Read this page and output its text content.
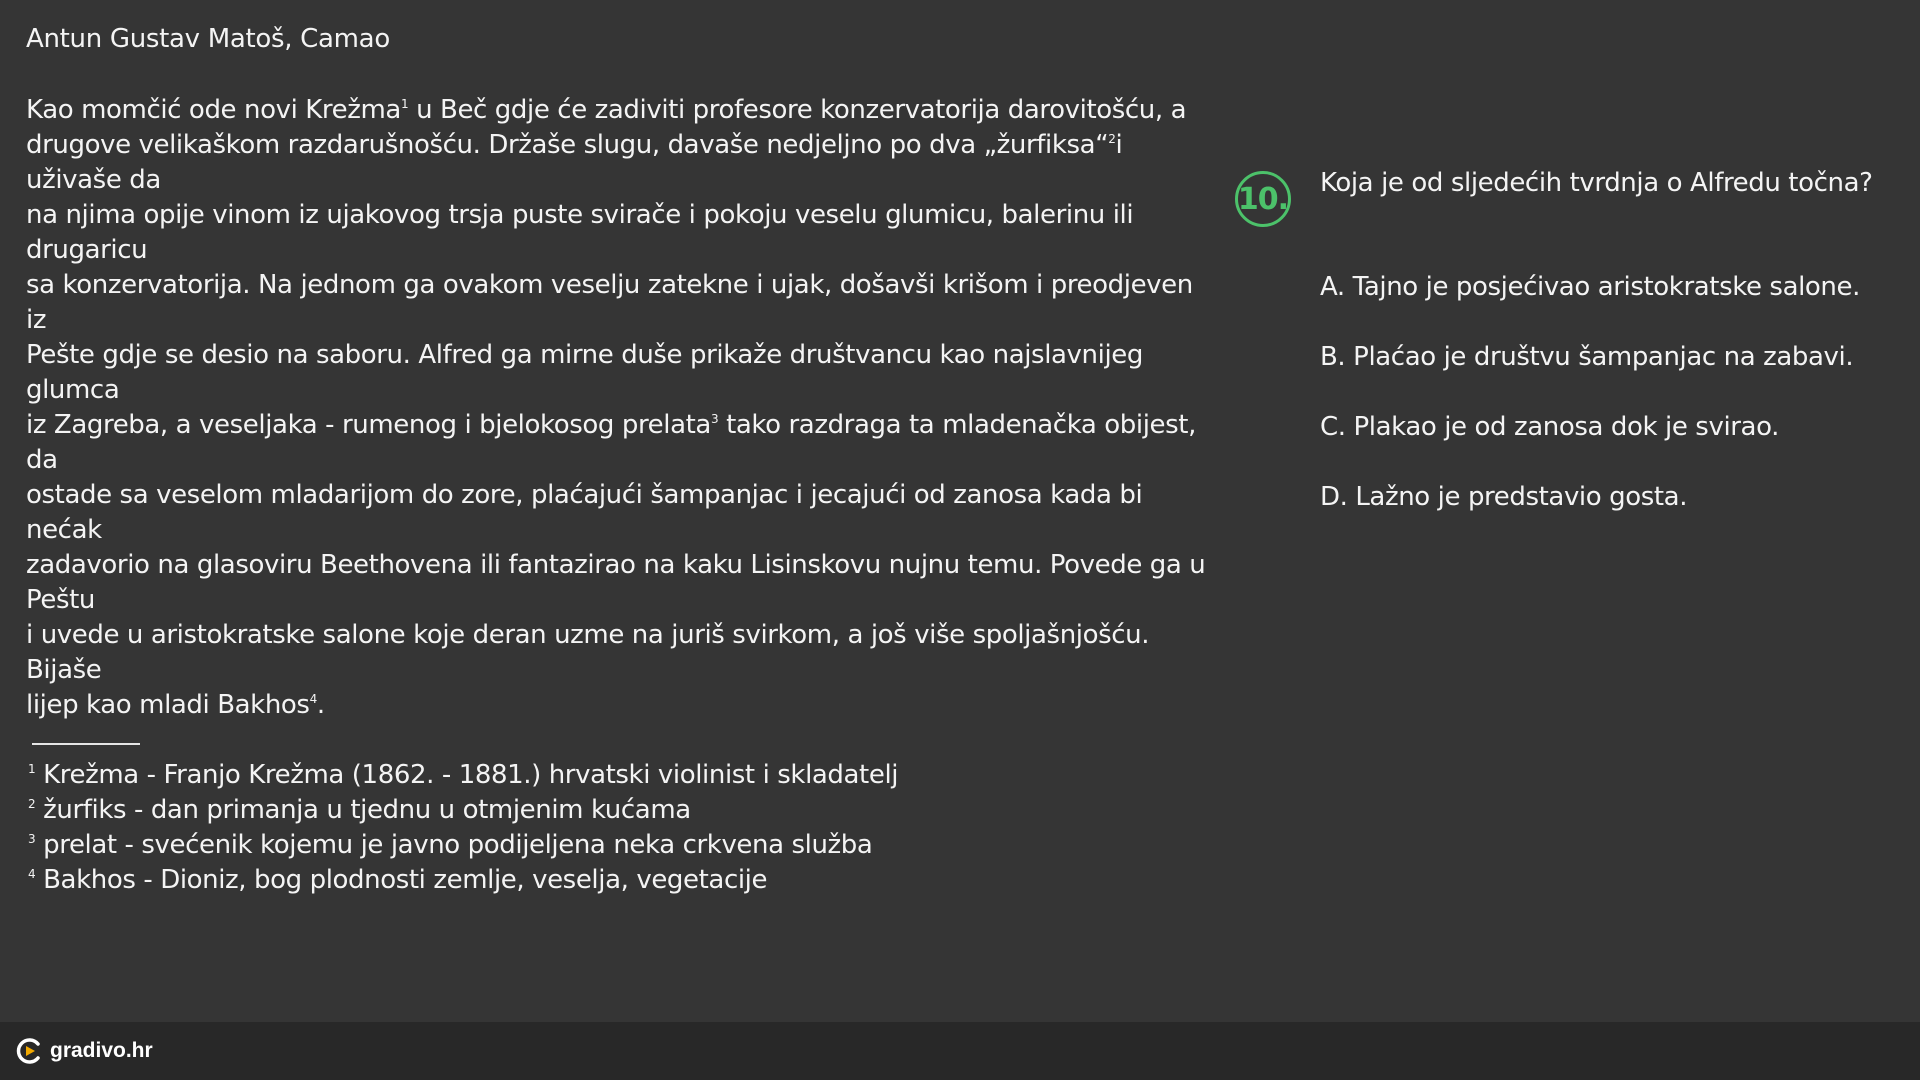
Antun Gustav Matoš, Camao
Kao momčić ode novi Krežma$^1$ u Beč gdje će zadiviti profesore konzervatorija darovitošću, a
drugove velikaškom razdarušnošću. Držaše slugu, davaše nedjeljno po dva „žurfiksa“$^2$i uživaše da
na njima opije vinom iz ujakovog trsja puste svirače i pokoju veselu glumicu, balerinu ili drugaricu
sa konzervatorija. Na jednom ga ovakom veselju zatekne i ujak, došavši krišom i preodjeven iz
Pešte gdje se desio na saboru. Alfred ga mirne duše prikaže društvancu kao najslavnijeg glumca
iz Zagreba, a veseljaka - rumenog i bjelokosog prelata$^3$ tako razdraga ta mladenačka obijest, da
ostade sa veselom mladarijom do zore, plaćajući šampanjac i jecajući od zanosa kada bi nećak
zadavorio na glasoviru Beethovena ili fantazirao na kaku Lisinskovu nujnu temu. Povede ga u Peštu
i uvede u aristokratske salone koje deran uzme na juriš svirkom, a još više spoljašnjošću. Bijaše
lijep kao mladi Bakhos$^4$.
10. Koja je od sljedećih tvrdnja o Alfredu točna?
A. Tajno je posjećivao aristokratske salone.
B. Plaćao je društvu šampanjac na zabavi.
C. Plakao je od zanosa dok je svirao.
D. Lažno je predstavio gosta.
$^1$ Krežma - Franjo Krežma (1862. - 1881.) hrvatski violinist i skladatelj
$^2$ žurfiks - dan primanja u tjednu u otmjenim kućama
$^3$ prelat - svećenik kojemu je javno podijeljena neka crkvena služba
$^4$ Bakhos - Dioniz, bog plodnosti zemlje, veselja, vegetacije
gradivo.hr
